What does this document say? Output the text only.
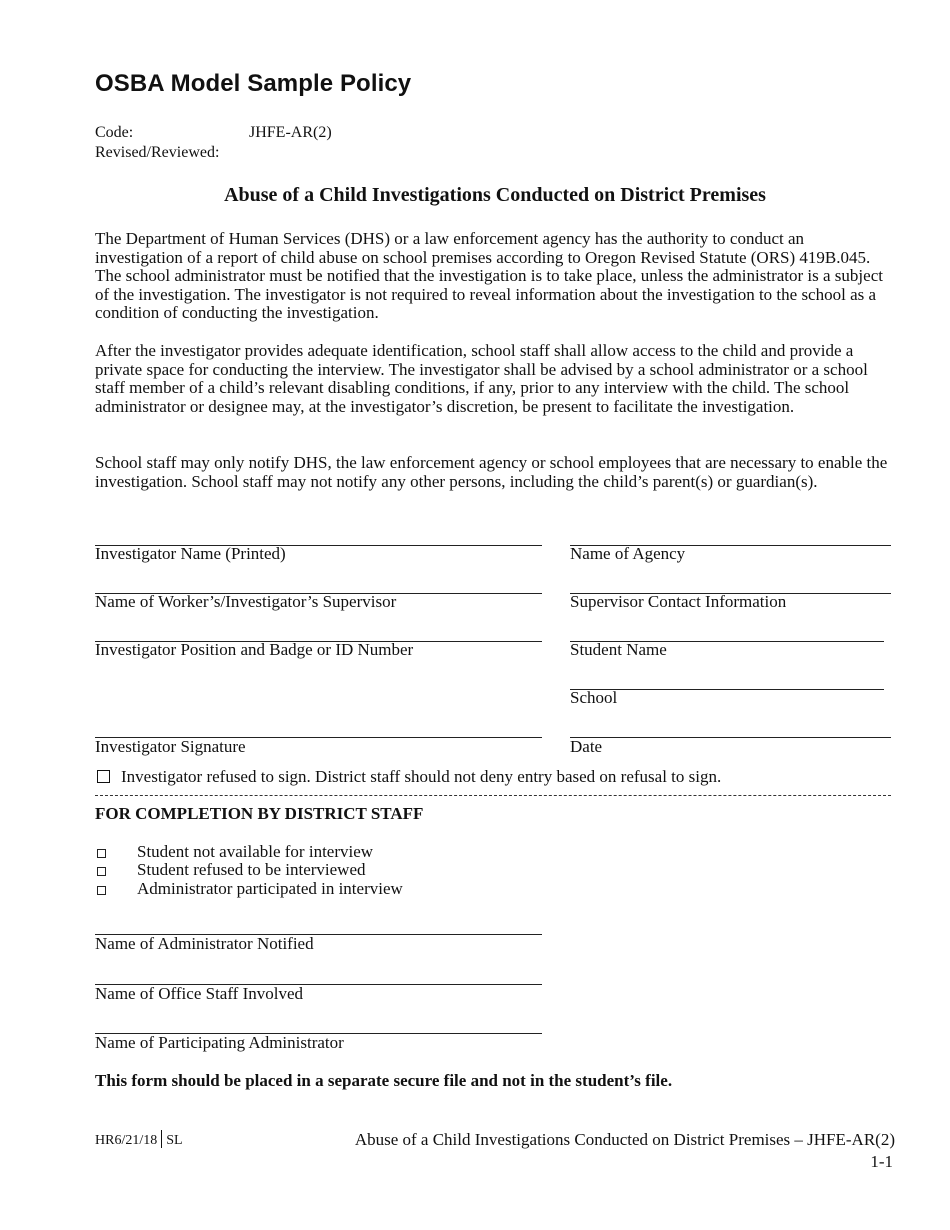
OSBA Model Sample Policy
Code:	JHFE-AR(2)
Revised/Reviewed:
Abuse of a Child Investigations Conducted on District Premises
The Department of Human Services (DHS) or a law enforcement agency has the authority to conduct an investigation of a report of child abuse on school premises according to Oregon Revised Statute (ORS) 419B.045. The school administrator must be notified that the investigation is to take place, unless the administrator is a subject of the investigation. The investigator is not required to reveal information about the investigation to the school as a condition of conducting the investigation.
After the investigator provides adequate identification, school staff shall allow access to the child and provide a private space for conducting the interview. The investigator shall be advised by a school administrator or a school staff member of a child’s relevant disabling conditions, if any, prior to any interview with the child. The school administrator or designee may, at the investigator’s discretion, be present to facilitate the investigation.
School staff may only notify DHS, the law enforcement agency or school employees that are necessary to enable the investigation. School staff may not notify any other persons, including the child’s parent(s) or guardian(s).
Investigator Name (Printed)
Name of Worker’s/Investigator’s Supervisor
Investigator Position and Badge or ID Number
Investigator Signature
Name of Agency
Supervisor Contact Information
Student Name
School
Date
Investigator refused to sign. District staff should not deny entry based on refusal to sign.
FOR COMPLETION BY DISTRICT STAFF
Student not available for interview
Student refused to be interviewed
Administrator participated in interview
Name of Administrator Notified
Name of Office Staff Involved
Name of Participating Administrator
This form should be placed in a separate secure file and not in the student’s file.
HR6/21/18 SL	Abuse of a Child Investigations Conducted on District Premises – JHFE-AR(2)
1-1
